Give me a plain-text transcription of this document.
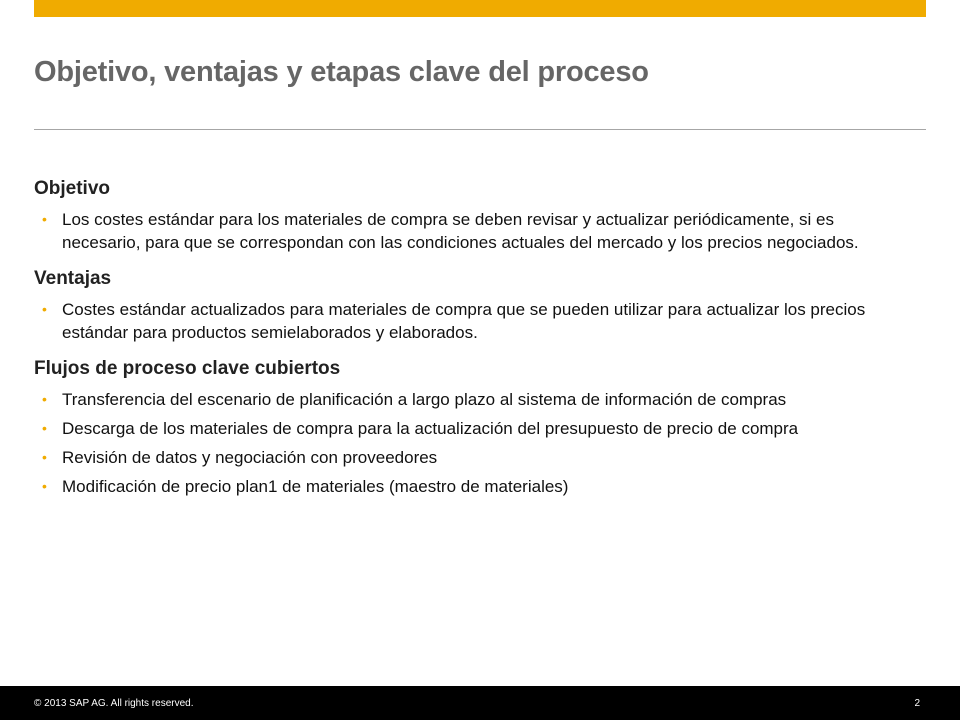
Objetivo, ventajas y etapas clave del proceso
Objetivo
• Los costes estándar para los materiales de compra se deben revisar y actualizar periódicamente, si es necesario, para que se correspondan con las condiciones actuales del mercado y los precios negociados.
Ventajas
• Costes estándar actualizados para materiales de compra que se pueden utilizar para actualizar los precios estándar para productos semielaborados y elaborados.
Flujos de proceso clave cubiertos
• Transferencia del escenario de planificación a largo plazo al sistema de información de compras
• Descarga de los materiales de compra para la actualización del presupuesto de precio de compra
• Revisión de datos y negociación con proveedores
• Modificación de precio plan1 de materiales (maestro de materiales)
© 2013 SAP AG. All rights reserved.	2
